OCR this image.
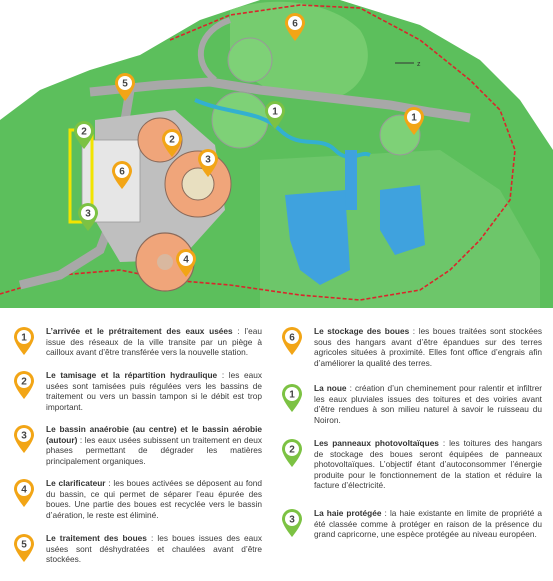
z
1
2
3
4
5
6
6
1
2
3
1

L’arrivée et le prétraitement des eaux usées : l’eau issue des réseaux de la ville transite par un piège à cailloux avant d’être transférée vers la nouvelle station.

2

Le tamisage et la répartition hydraulique : les eaux usées sont tamisées puis régulées vers les bassins de traitement ou vers un bassin tampon si le débit est trop important.

3

Le bassin anaérobie (au centre) et le bassin aérobie (autour) : les eaux usées subissent un traitement en deux phases permettant de dégrader les matières principalement organiques.

4

Le clarificateur : les boues activées se déposent au fond du bassin, ce qui permet de séparer l’eau épurée des boues. Une partie des boues est recyclée vers le bassin d’aération, le reste est éliminé.

5

Le traitement des boues : les boues issues des eaux usées sont déshydratées et chaulées avant d’être stockées.

6

Le stockage des boues : les boues traitées sont stockées sous des hangars avant d’être épandues sur des terres agricoles situées à proximité. Elles font office d’engrais afin d’améliorer la qualité des terres.

1

La noue : création d’un cheminement pour ralentir et infiltrer les eaux pluviales issues des toitures et des voiries avant d’être rendues à son milieu naturel à savoir le ruisseau du Noiron.

2

Les panneaux photovoltaïques : les toitures des hangars de stockage des boues seront équipées de panneaux photovoltaïques. L’objectif étant d’autoconsommer l’énergie produite pour le fonctionnement de la station et réduire la facture d’électricité.

3

La haie protégée : la haie existante en limite de propriété a été classée comme à protéger en raison de la présence du grand capricorne, une espèce protégée au niveau européen.
